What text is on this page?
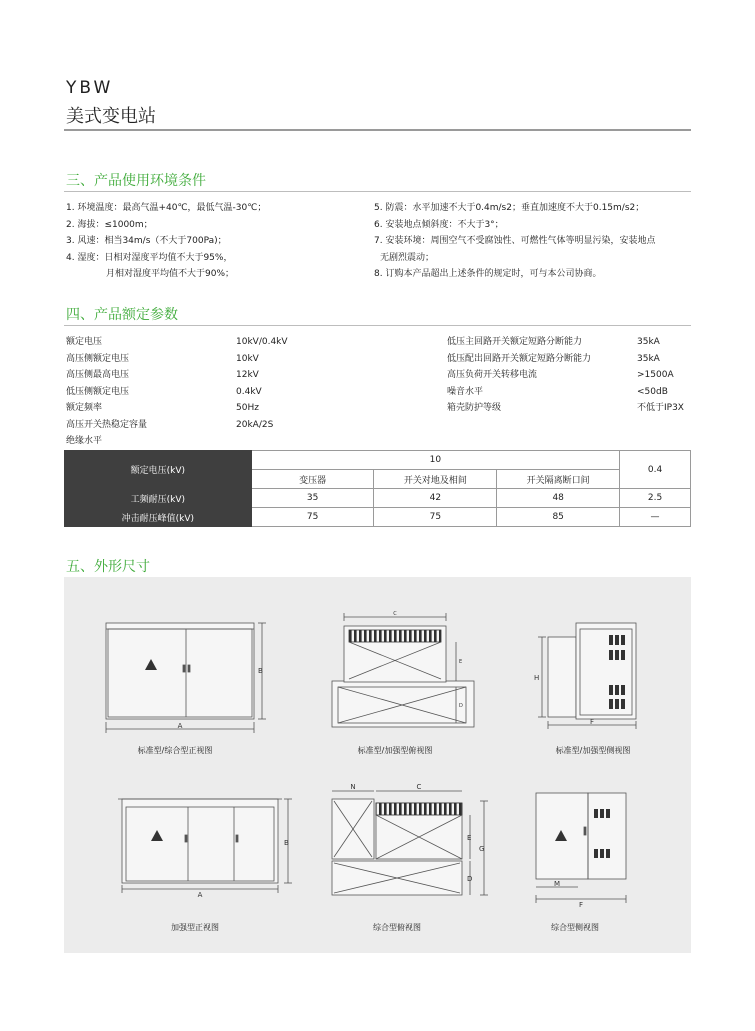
YBW
美式变电站
三、产品使用环境条件
1. 环境温度：最高气温+40℃，最低气温-30℃；
2. 海拔：≤1000m；
3. 风速：相当34m/s（不大于700Pa)；
4. 湿度：日相对湿度平均值不大于95%，
月相对湿度平均值不大于90%；
5. 防震：水平加速不大于0.4m/s2；垂直加速度不大于0.15m/s2；
6. 安装地点倾斜度：不大于3°；
7. 安装环境：周围空气不受腐蚀性、可燃性气体等明显污染，安装地点
无剧烈震动；
8. 订购本产品超出上述条件的规定时，可与本公司协商。
四、产品额定参数
额定电压	10kV/0.4kV
高压侧额定电压	10kV
高压侧最高电压	12kV
低压侧额定电压	0.4kV
额定频率	50Hz
高压开关热稳定容量	20kA/2S
绝缘水平
低压主回路开关额定短路分断能力	35kA
低压配出回路开关额定短路分断能力	35kA
高压负荷开关转移电流	>1500A
噪音水平	<50dB
箱壳防护等级	不低于IP3X
额定电压(kV)	10			0.4
	变压器	开关对地及相间	开关隔离断口间	
工频耐压(kV)	35	42	48	2.5
冲击耐压峰值(kV)	75	75	85	—
五、外形尺寸
A
B
C
E
D
H
F
A
B
N	C
E
D
G
M
F
标准型/综合型正视图	标准型/加强型俯视图	标准型/加强型侧视图
加强型正视图	综合型俯视图	综合型侧视图
